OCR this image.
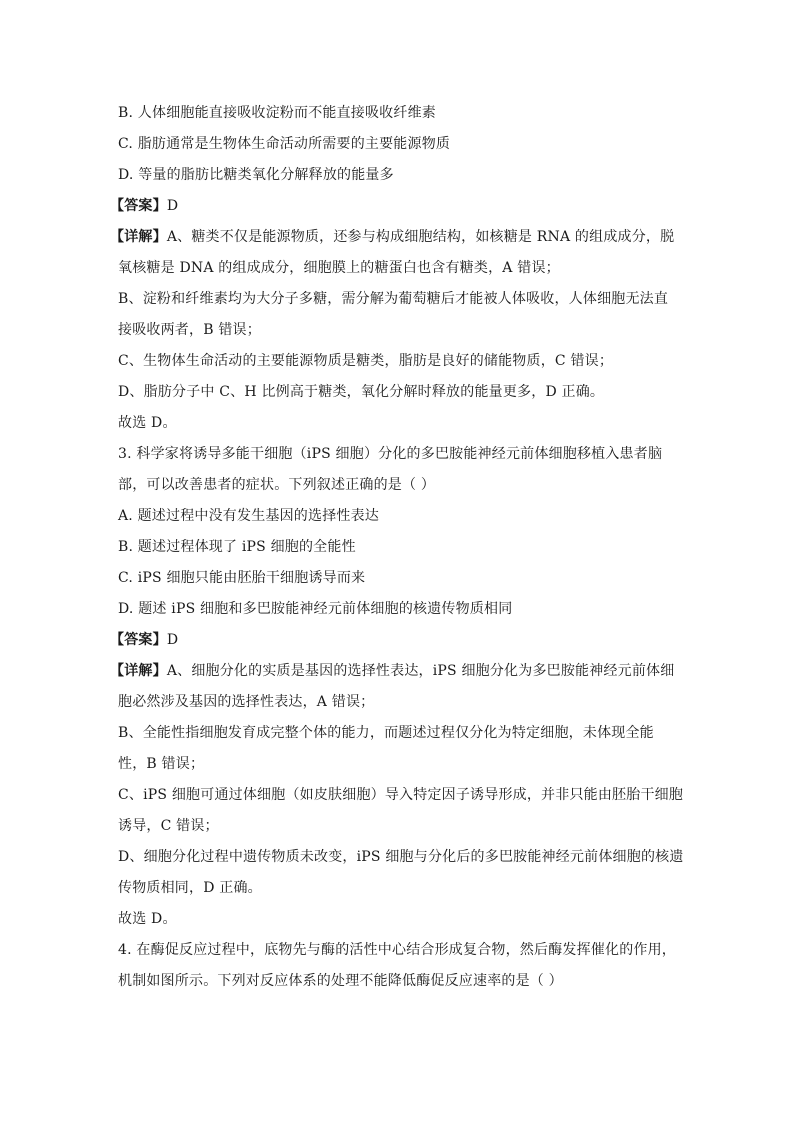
B. 人体细胞能直接吸收淀粉而不能直接吸收纤维素
C. 脂肪通常是生物体生命活动所需要的主要能源物质
D. 等量的脂肪比糖类氧化分解释放的能量多
【答案】D
【详解】A、糖类不仅是能源物质，还参与构成细胞结构，如核糖是 RNA 的组成成分，脱
氧核糖是 DNA 的组成成分，细胞膜上的糖蛋白也含有糖类，A 错误；
B、淀粉和纤维素均为大分子多糖，需分解为葡萄糖后才能被人体吸收，人体细胞无法直
接吸收两者，B 错误；
C、生物体生命活动的主要能源物质是糖类，脂肪是良好的储能物质，C 错误；
D、脂肪分子中 C、H 比例高于糖类，氧化分解时释放的能量更多，D 正确。
故选 D。
3. 科学家将诱导多能干细胞（iPS 细胞）分化的多巴胺能神经元前体细胞移植入患者脑
部，可以改善患者的症状。下列叙述正确的是（ ）
A. 题述过程中没有发生基因的选择性表达
B. 题述过程体现了 iPS 细胞的全能性
C. iPS 细胞只能由胚胎干细胞诱导而来
D. 题述 iPS 细胞和多巴胺能神经元前体细胞的核遗传物质相同
【答案】D
【详解】A、细胞分化的实质是基因的选择性表达，iPS 细胞分化为多巴胺能神经元前体细
胞必然涉及基因的选择性表达，A 错误；
B、全能性指细胞发育成完整个体的能力，而题述过程仅分化为特定细胞，未体现全能
性，B 错误；
C、iPS 细胞可通过体细胞（如皮肤细胞）导入特定因子诱导形成，并非只能由胚胎干细胞
诱导，C 错误；
D、细胞分化过程中遗传物质未改变，iPS 细胞与分化后的多巴胺能神经元前体细胞的核遗
传物质相同，D 正确。
故选 D。
4. 在酶促反应过程中，底物先与酶的活性中心结合形成复合物，然后酶发挥催化的作用，
机制如图所示。下列对反应体系的处理不能降低酶促反应速率的是（ ）
